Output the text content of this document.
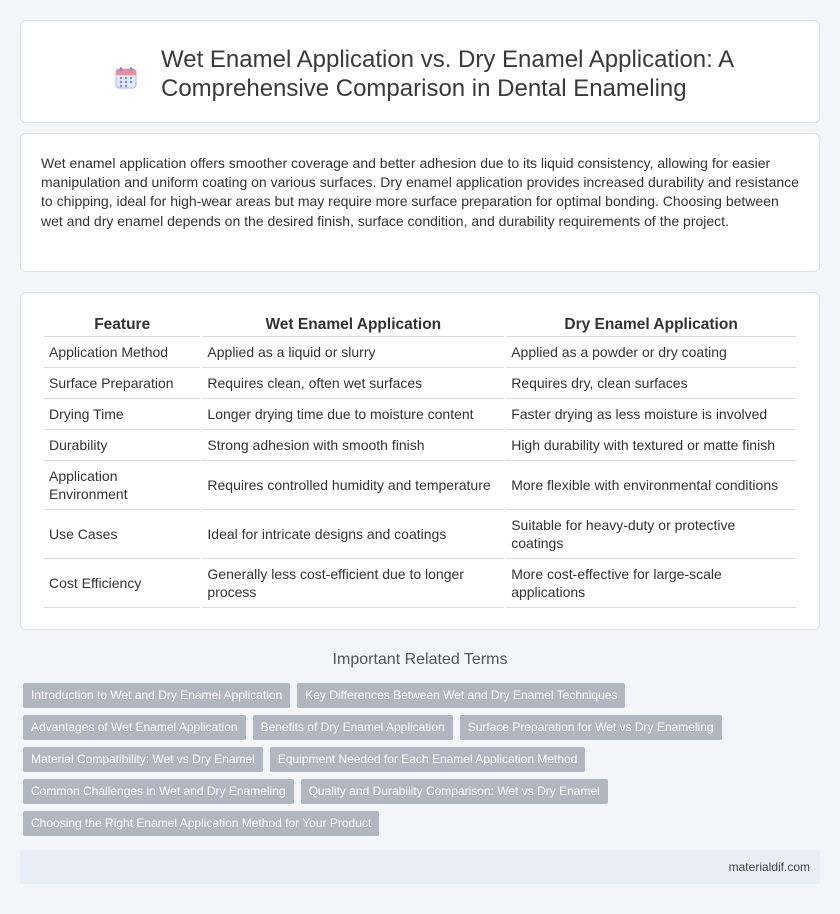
Wet Enamel Application vs. Dry Enamel Application: A Comprehensive Comparison in Dental Enameling

Wet enamel application offers smoother coverage and better adhesion due to its liquid consistency, allowing for easier manipulation and uniform coating on various surfaces. Dry enamel application provides increased durability and resistance to chipping, ideal for high-wear areas but may require more surface preparation for optimal bonding. Choosing between wet and dry enamel depends on the desired finish, surface condition, and durability requirements of the project.

Feature	Wet Enamel Application	Dry Enamel Application
Application Method	Applied as a liquid or slurry	Applied as a powder or dry coating
Surface Preparation	Requires clean, often wet surfaces	Requires dry, clean surfaces
Drying Time	Longer drying time due to moisture content	Faster drying as less moisture is involved
Durability	Strong adhesion with smooth finish	High durability with textured or matte finish
Application Environment	Requires controlled humidity and temperature	More flexible with environmental conditions
Use Cases	Ideal for intricate designs and coatings	Suitable for heavy-duty or protective coatings
Cost Efficiency	Generally less cost-efficient due to longer process	More cost-effective for large-scale applications
Important Related Terms
Introduction to Wet and Dry Enamel Application	Key Differences Between Wet and Dry Enamel Techniques
Advantages of Wet Enamel Application	Benefits of Dry Enamel Application	Surface Preparation for Wet vs Dry Enameling
Material Compatibility: Wet vs Dry Enamel	Equipment Needed for Each Enamel Application Method
Common Challenges in Wet and Dry Enameling	Quality and Durability Comparison: Wet vs Dry Enamel
Choosing the Right Enamel Application Method for Your Product
materialdif.com
